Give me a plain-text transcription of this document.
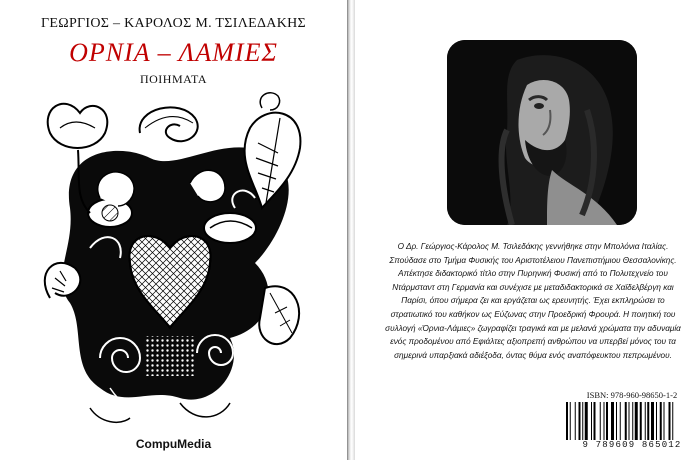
ΓΕΩΡΓΙΟΣ – ΚΑΡΟΛΟΣ Μ. ΤΣΙΛΕΔΑΚΗΣ
ΟΡΝΙΑ – ΛΑΜΙΕΣ
ΠΟΙΗΜΑΤΑ
CompuMedia
Ο Δρ. Γεώργιος-Κάρολος Μ. Τσιλεδάκης γεννήθηκε στην Μπολόνια Ιταλίας. Σπούδασε στο Τμήμα Φυσικής του Αριστοτέλειου Πανεπιστήμιου Θεσσαλονίκης. Απέκτησε διδακτορικό τίτλο στην Πυρηνική Φυσική από το Πολυτεχνείο του Ντάρμσταντ στη Γερμανία και συνέχισε με μεταδιδακτορικά σε Χαϊδελβέργη και Παρίσι, όπου σήμερα ζει και εργάζεται ως ερευνητής. Έχει εκπληρώσει το στρατιωτικό του καθήκον ως Εύζωνας στην Προεδρική Φρουρά. Η ποιητική του συλλογή «Όρνια-Λάμιες» ζωγραφίζει τραγικά και με μελανά χρώματα την αδυναμία ενός προδομένου από Εφιάλτες αξιοπρεπή ανθρώπου να υπερβεί μόνος του τα σημερινά υπαρξιακά αδιέξοδα, όντας θύμα ενός αναπόφευκτου πεπρωμένου.
ISBN: 978-960-98650-1-2
9 789609 865012
